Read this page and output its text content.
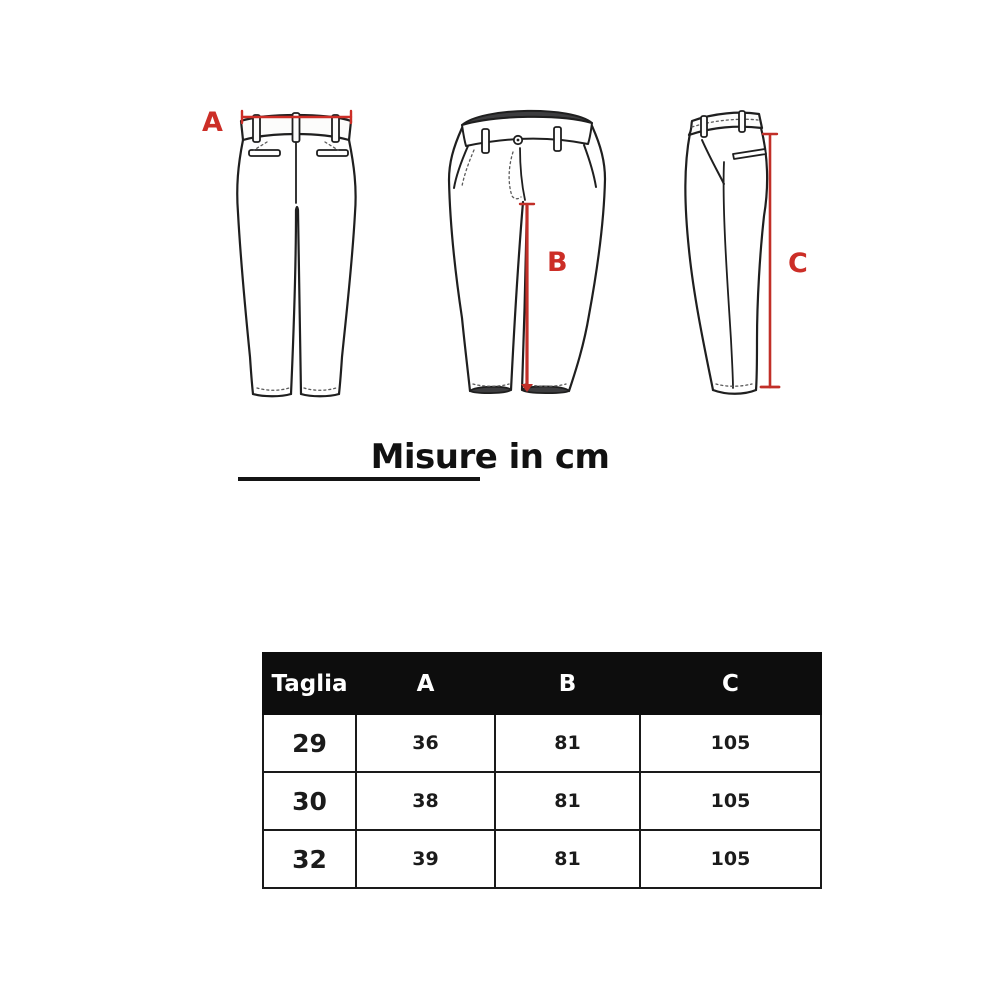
A
B	C
Misure in cm
Taglia	A	B	C
29	36	81	105
30	38	81	105
32	39	81	105
